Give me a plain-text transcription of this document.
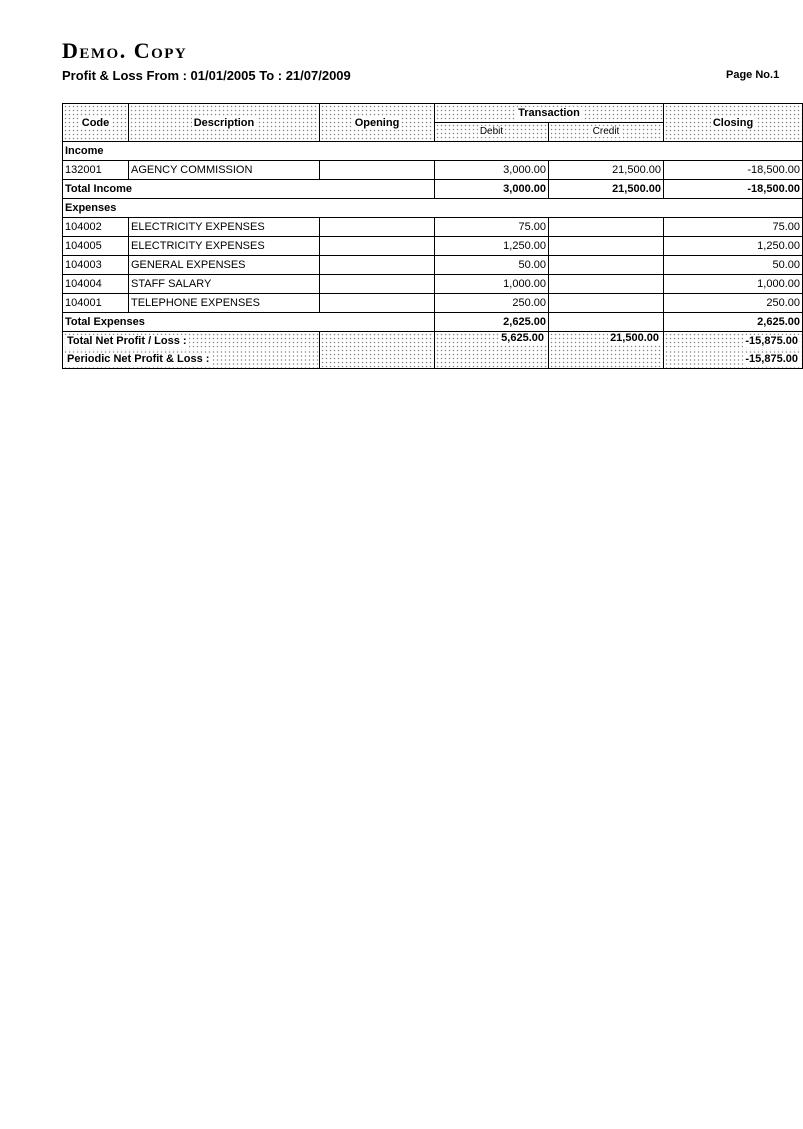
Demo. Copy
Profit & Loss From : 01/01/2005 To : 21/07/2009	Page No.1
Code	Description	Opening	Transaction		Closing
			Debit	Credit	
Income					
132001	AGENCY COMMISSION		3,000.00	21,500.00	-18,500.00
Total Income			3,000.00	21,500.00	-18,500.00
Expenses					
104002	ELECTRICITY EXPENSES		75.00		75.00
104005	ELECTRICITY EXPENSES		1,250.00		1,250.00
104003	GENERAL EXPENSES		50.00		50.00
104004	STAFF SALARY		1,000.00		1,000.00
104001	TELEPHONE EXPENSES		250.00		250.00
Total Expenses			2,625.00		2,625.00
Total Net Profit / Loss :			5,625.00	21,500.00	-15,875.00
Periodic Net Profit & Loss :					-15,875.00
